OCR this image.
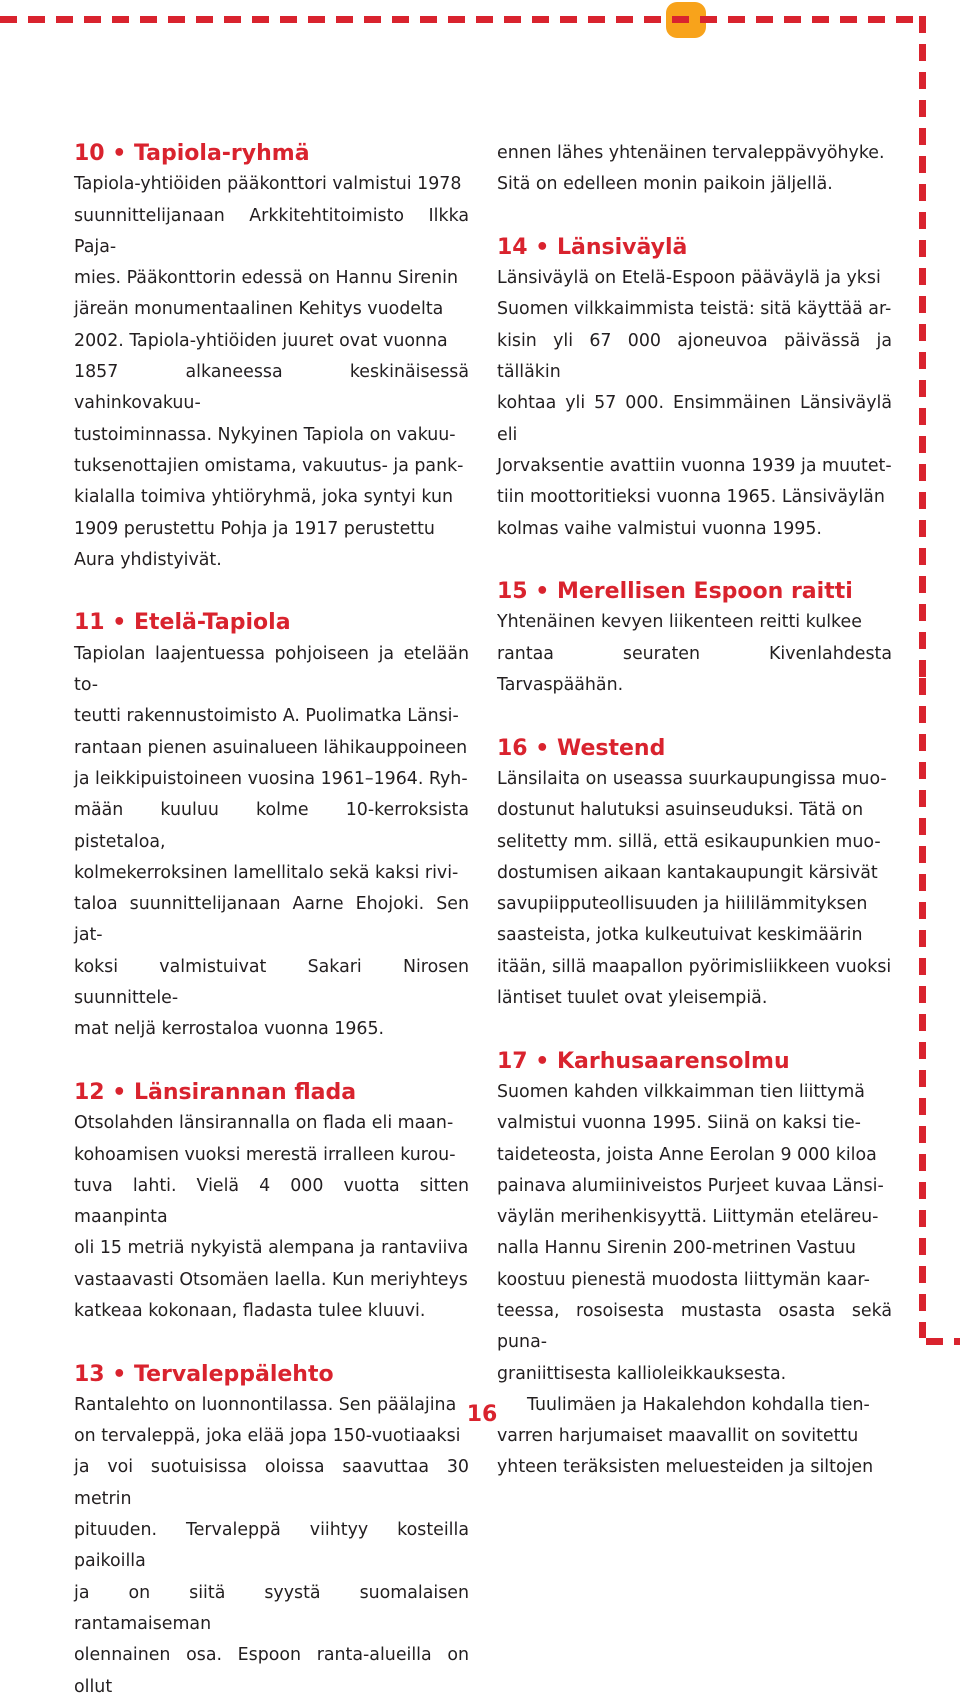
10 • Tapiola-ryhmä

Tapiola-yhtiöiden pääkonttori valmistui 1978

suunnittelijanaan Arkkitehtitoimisto Ilkka Paja-

mies. Pääkonttorin edessä on Hannu Sirenin

järeän monumentaalinen Kehitys vuodelta

2002. Tapiola-yhtiöiden juuret ovat vuonna

1857 alkaneessa keskinäisessä vahinkovakuu-

tustoiminnassa. Nykyinen Tapiola on vakuu-

tuksenottajien omistama, vakuutus- ja pank-

kialalla toimiva yhtiöryhmä, joka syntyi kun

1909 perustettu Pohja ja 1917 perustettu

Aura yhdistyivät.

11 • Etelä-Tapiola

Tapiolan laajentuessa pohjoiseen ja etelään to-

teutti rakennustoimisto A. Puolimatka Länsi-

rantaan pienen asuinalueen lähikauppoineen

ja leikkipuistoineen vuosina 1961–1964. Ryh-

mään kuuluu kolme 10-kerroksista pistetaloa,

kolmekerroksinen lamellitalo sekä kaksi rivi-

taloa suunnittelijanaan Aarne Ehojoki. Sen jat-

koksi valmistuivat Sakari Nirosen suunnittele-

mat neljä kerrostaloa vuonna 1965.

12 • Länsirannan flada

Otsolahden länsirannalla on flada eli maan-

kohoamisen vuoksi merestä irralleen kurou-

tuva lahti. Vielä 4 000 vuotta sitten maanpinta

oli 15 metriä nykyistä alempana ja rantaviiva

vastaavasti Otsomäen laella. Kun meriyhteys

katkeaa kokonaan, fladasta tulee kluuvi.

13 • Tervaleppälehto

Rantalehto on luonnontilassa. Sen päälajina

on tervaleppä, joka elää jopa 150-vuotiaaksi

ja voi suotuisissa oloissa saavuttaa 30 metrin

pituuden. Tervaleppä viihtyy kosteilla paikoilla

ja on siitä syystä suomalaisen rantamaiseman

olennainen osa. Espoon ranta-alueilla on ollut

ennen lähes yhtenäinen tervaleppävyöhyke.

Sitä on edelleen monin paikoin jäljellä.

14 • Länsiväylä

Länsiväylä on Etelä-Espoon pääväylä ja yksi

Suomen vilkkaimmista teistä: sitä käyttää ar-

kisin yli 67 000 ajoneuvoa päivässä ja tälläkin

kohtaa yli 57 000. Ensimmäinen Länsiväylä eli

Jorvaksentie avattiin vuonna 1939 ja muutet-

tiin moottoritieksi vuonna 1965. Länsiväylän

kolmas vaihe valmistui vuonna 1995.

15 • Merellisen Espoon raitti

Yhtenäinen kevyen liikenteen reitti kulkee

rantaa seuraten Kivenlahdesta Tarvaspäähän.

16 • Westend

Länsilaita on useassa suurkaupungissa muo-

dostunut halutuksi asuinseuduksi. Tätä on

selitetty mm. sillä, että esikaupunkien muo-

dostumisen aikaan kantakaupungit kärsivät

savupiipputeollisuuden ja hiililämmityksen

saasteista, jotka kulkeutuivat keskimäärin

itään, sillä maapallon pyörimisliikkeen vuoksi

läntiset tuulet ovat yleisempiä.

17 • Karhusaarensolmu

Suomen kahden vilkkaimman tien liittymä

valmistui vuonna 1995. Siinä on kaksi tie-

taideteosta, joista Anne Eerolan 9 000 kiloa

painava alumiiniveistos Purjeet kuvaa Länsi-

väylän merihenkisyyttä. Liittymän eteläreu-

nalla Hannu Sirenin 200-metrinen Vastuu

koostuu pienestä muodosta liittymän kaar-

teessa, rosoisesta mustasta osasta sekä puna-

graniittisesta kallioleikkauksesta.

Tuulimäen ja Hakalehdon kohdalla tien-

varren harjumaiset maavallit on sovitettu

yhteen teräksisten meluesteiden ja siltojen

16
